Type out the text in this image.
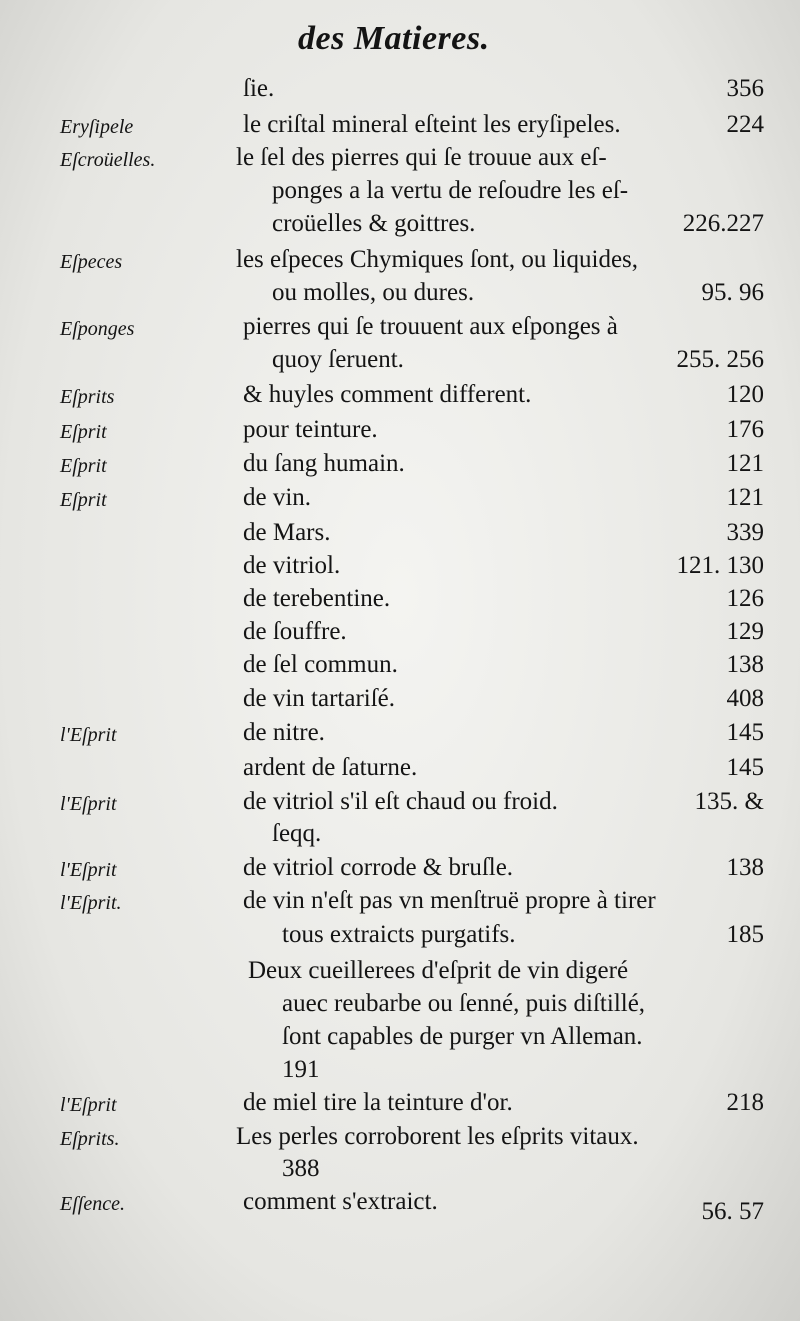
des Matieres.
ſie.	356
Eryſipele	le criſtal mineral eſteint les eryſipeles.	224
Eſcroüelles.	le ſel des pierres qui ſe trouue aux eſ-
ponges a la vertu de reſoudre les eſ-
croüelles & goittres.	226.227
Eſpeces	les eſpeces Chymiques ſont, ou liquides,
ou molles, ou dures.	95. 96
Eſponges	pierres qui ſe trouuent aux eſponges à
quoy ſeruent.	255. 256
Eſprits	& huyles comment different.	120
Eſprit	pour teinture.	176
Eſprit	du ſang humain.	121
Eſprit	de vin.	121
de Mars.	339
de vitriol.	121. 130
de terebentine.	126
de ſouffre.	129
de ſel commun.	138
de vin tartariſé.	408
l'Eſprit	de nitre.	145
ardent de ſaturne.	145
l'Eſprit	de vitriol s'il eſt chaud ou froid.	135. &
ſeqq.
l'Eſprit	de vitriol corrode & bruſle.	138
l'Eſprit.	de vin n'eſt pas vn menſtruë propre à tirer
tous extraicts purgatifs.	185
Deux cueillerees d'eſprit de vin digeré
auec reubarbe ou ſenné, puis diſtillé,
ſont capables de purger vn Alleman.
191
l'Eſprit	de miel tire la teinture d'or.	218
Eſprits.	Les perles corroborent les eſprits vitaux.
388
Eſſence.	comment s'extraict.	56. 57
